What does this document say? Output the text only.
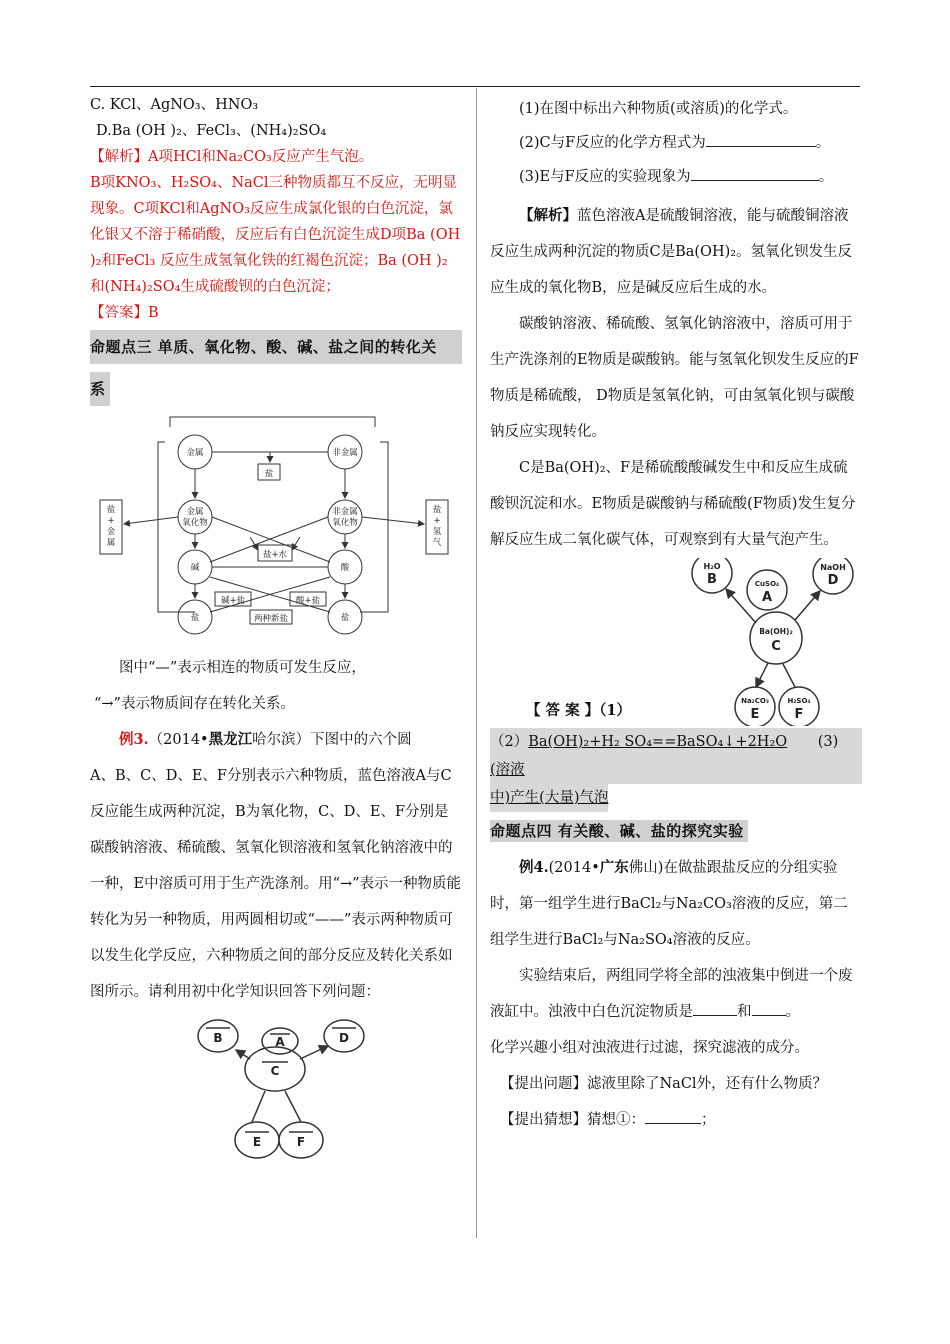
C. KCl、AgNO₃、HNO₃

D.Ba (OH )₂、FeCl₃、(NH₄)₂SO₄

【解析】A项HCl和Na₂CO₃反应产生气泡。

B项KNO₃、H₂SO₄、NaCl三种物质都互不反应，无明显现象。C项KCl和AgNO₃反应生成氯化银的白色沉淀，氯化银又不溶于稀硝酸，反应后有白色沉淀生成D项Ba (OH )₂和FeCl₃ 反应生成氢氧化铁的红褐色沉淀；Ba (OH )₂ 和(NH₄)₂SO₄生成硫酸钡的白色沉淀；

【答案】B

命题点三 单质、氧化物、酸、碱、盐之间的转化关
系
金属	非金属
盐
金属
氧化物
非金属
氧化物
盐+水
碱	酸
碱+盐	酸+盐
两种新盐
盐	盐
盐
+
金
属
盐
+
氢
气

图中“—”表示相连的物质可发生反应，

“→”表示物质间存在转化关系。

例3.（2014•黑龙江哈尔滨）下图中的六个圆

A、B、C、D、E、F分别表示六种物质，蓝色溶液A与C反应能生成两种沉淀，B为氧化物，C、D、E、F分别是碳酸钠溶液、稀硫酸、氢氧化钡溶液和氢氧化钠溶液中的一种，E中溶质可用于生产洗涤剂。用“→”表示一种物质能转化为另一种物质，用两圆相切或“——”表示两种物质可以发生化学反应，六种物质之间的部分反应及转化关系如图所示。请利用初中化学知识回答下列问题：

B	A	D
C
E	F

(1)在图中标出六种物质(或溶质)的化学式。

(2)C与F反应的化学方程式为	。

(3)E与F反应的实验现象为	。

【解析】蓝色溶液A是硫酸铜溶液，能与硫酸铜溶液反应生成两种沉淀的物质C是Ba(OH)₂。氢氧化钡发生反应生成的氧化物B，应是碱反应后生成的水。

碳酸钠溶液、稀硫酸、氢氧化钠溶液中，溶质可用于生产洗涤剂的E物质是碳酸钠。能与氢氧化钡发生反应的F物质是稀硫酸， D物质是氢氧化钠，可由氢氧化钡与碳酸钠反应实现转化。

C是Ba(OH)₂、F是稀硫酸酸碱发生中和反应生成硫酸钡沉淀和水。E物质是碳酸钠与稀硫酸(F物质)发生复分解反应生成二氧化碳气体，可观察到有大量气泡产生。

H₂O
B	CuSO₄
A
NaOH
D
Ba(OH)₂
C
Na₂CO₃
E
H₂SO₄
F

【 答 案 】（1）

（2）Ba(OH)₂+H₂ SO₄==BaSO₄↓+2H₂O (3) (溶液

中)产生(大量)气泡

命题点四 有关酸、碱、盐的探究实验

例4.(2014•广东佛山)在做盐跟盐反应的分组实验时，第一组学生进行BaCl₂与Na₂CO₃溶液的反应，第二组学生进行BaCl₂与Na₂SO₄溶液的反应。

实验结束后，两组同学将全部的浊液集中倒进一个废液缸中。浊液中白色沉淀物质是	和 。

化学兴趣小组对浊液进行过滤，探究滤液的成分。

【提出问题】滤液里除了NaCl外，还有什么物质？

【提出猜想】猜想①：	；
